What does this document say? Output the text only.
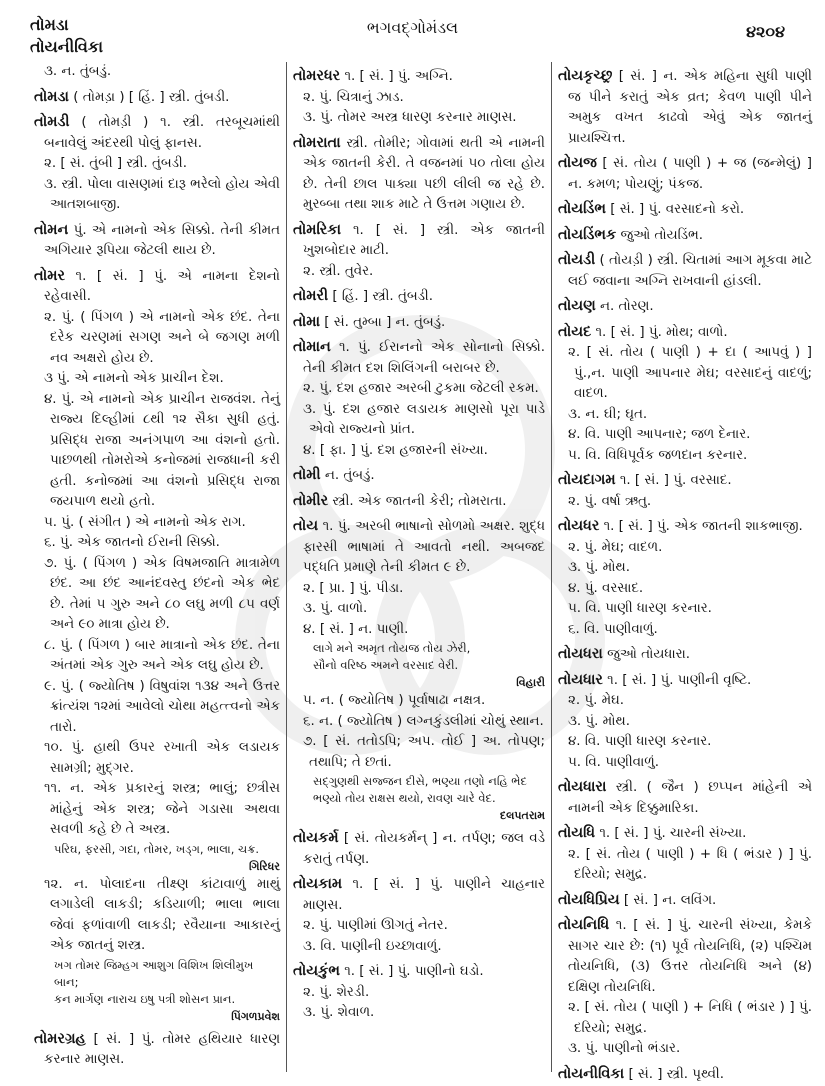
તોમડા
તોયનીવિકા
ભગવદ્ગોમંડલ	૪૨૦૪
૩. ન. તુંબડું.
તોમડા ( તોમડ઼ા ) [ હિં. ] સ્ત્રી. તુંબડી.
તોમડી ( તોમડ઼ી ) ૧. સ્ત્રી. તરબૂચમાંથી બનાવેલું અંદરથી પોલું ફાનસ.
૨. [ સં. તુંબી ] સ્ત્રી. તુંબડી.
૩. સ્ત્રી. પોલા વાસણમાં દારૂ ભરેલો હોય એવી આતશબાજી.
તોમન પું. એ નામનો એક સિક્કો. તેની કીમત અગિયાર રૂપિયા જેટલી થાય છે.
તોમર ૧. [ સં. ] પું. એ નામના દેશનો રહેવાસી.
૨. પું. ( પિંગળ ) એ નામનો એક છંદ. તેના દરેક ચરણમાં સગણ અને બે જગણ મળી નવ અક્ષરો હોય છે.
૩ પું. એ નામનો એક પ્રાચીન દેશ.
૪. પું. એ નામનો એક પ્રાચીન રાજવંશ. તેનું રાજ્ય દિલ્હીમાં ૮થી ૧૨ સૈકા સુધી હતું. પ્રસિદ્ધ રાજા અનંગપાળ આ વંશનો હતો. પાછળથી તોમરોએ કનોજમાં રાજધાની કરી હતી. કનોજમાં આ વંશનો પ્રસિદ્ધ રાજા જયપાળ થયો હતો.
૫. પું. ( સંગીત ) એ નામનો એક રાગ.
૬. પું. એક જાતનો ઈરાની સિક્કો.
૭. પું. ( પિંગળ ) એક વિષમજાતિ માત્રામેળ છંદ. આ છંદ આનંદવસ્તુ છંદનો એક ભેદ છે. તેમાં ૫ ગુરુ અને ૮૦ લઘુ મળી ૮૫ વર્ણ અને ૯૦ માત્રા હોય છે.
૮. પું. ( પિંગળ ) બાર માત્રાનો એક છંદ. તેના અંતમાં એક ગુરુ અને એક લઘુ હોય છે.
૯. પું. ( જ્યોતિષ ) વિષુવાંશ ૧૩૪ અને ઉત્તર ક્રાંત્યંશ ૧૨માં આવેલો ચોથા મહત્ત્વનો એક તારો.
૧૦. પું. હાથી ઉપર રખાતી એક લડાયક સામગ્રી; મુદ્ગર.
૧૧. ન. એક પ્રકારનું શસ્ત્ર; ભાલું; છત્રીસ માંહેનું એક શસ્ત્ર; જેને ગડાસા અથવા સવળી કહે છે તે અસ્ત્ર.
પરિઘ, ફરસી, ગદા, તોમર, ખડ્ગ, ભાલા, ચક્ર.
ગિરિધર
૧૨. ન. પોલાદના તીક્ષ્ણ કાંટાવાળું માથું લગાડેલી લાકડી; કડિયાળી; ભાલા ભાલા જેવાં ફળાંવાળી લાકડી; રવૈયાના આકારનું એક જાતનું શસ્ત્ર.
ખગ તોમર જિમ્હગ આશુગ વિશિખ શિલીમુખ બાન;
કન માર્ગણ નારાચ ઇષુ પત્રી શોસન પ્રાન.
પિંગળપ્રવેશ
તોમરગ્રહ [ સં. ] પું. તોમર હથિયાર ધારણ કરનાર માણસ.
તોમરધર ૧. [ સં. ] પું. અગ્નિ.
૨. પું. ચિત્રાનું ઝાડ.
૩. પું. તોમર અસ્ત્ર ધારણ કરનાર માણસ.
તોમરાતા સ્ત્રી. તોમીર; ગોવામાં થતી એ નામની એક જાતની કેરી. તે વજનમાં ૫૦ તોલા હોય છે. તેની છાલ પાક્યા પછી લીલી જ રહે છે. મુરબ્બા તથા શાક માટે તે ઉત્તમ ગણાય છે.
તોમરિકા ૧. [ સં. ] સ્ત્રી. એક જાતની ખુશબોદાર માટી.
૨. સ્ત્રી. તુવેર.
તોમરી [ હિં. ] સ્ત્રી. તુંબડી.
તોમા [ સં. તુમ્બા ] ન. તુંબડું.
તોમાન ૧. પું. ઈરાનનો એક સોનાનો સિક્કો. તેની કીમત દશ શિલિંગની બરાબર છે.
૨. પું. દશ હજાર અરબી ટુકમા જેટલી રકમ.
૩. પું. દશ હજાર લડાયક માણસો પૂરા પાડે એવો રાજ્યનો પ્રાંત.
૪. [ ફા. ] પું. દશ હજારની સંખ્યા.
તોમી ન. તુંબડું.
તોમીર સ્ત્રી. એક જાતની કેરી; તોમરાતા.
તોય ૧. પું. અરબી ભાષાનો સોળમો અક્ષર. શુદ્ધ ફારસી ભાષામાં તે આવતો નથી. અબજદ પદ્ધતિ પ્રમાણે તેની કીમત ૯ છે.
૨. [ પ્રા. ] પું. પીડા.
૩. પું. વાળો.
૪. [ સં. ] ન. પાણી.
લાગે મને અમૃત તોયજ તોય ઝેરી,
સૌનો વરિષ્ઠ અમને વરસાદ વેરી.
વિહારી
૫. ન. ( જ્યોતિષ ) પૂર્વાષાઢા નક્ષત્ર.
૬. ન. ( જ્યોતિષ ) લગ્નકુંડલીમાં ચોથું સ્થાન.
૭. [ સં. તતોઽપિ; અપ. તોઈ ] અ. તોપણ; તથાપિ; તે છતાં.
સદ્ગુણથી સજ્જન દીસે, ભણ્યા તણો નહિ ભેદ
ભણ્યો તોય રાક્ષસ થયો, રાવણ ચારે વેદ.
દલપતરામ
તોયકર્મ [ સં. તોયકર્મન્ ] ન. તર્પણ; જલ વડે કરાતું તર્પણ.
તોયકામ ૧. [ સં. ] પું. પાણીને ચાહનાર માણસ.
૨. પું. પાણીમાં ઊગતું નેતર.
૩. વિ. પાણીની ઇચ્છાવાળું.
તોયકુંભ ૧. [ સં. ] પું. પાણીનો ઘડો.
૨. પું. શેરડી.
૩. પું. શેવાળ.
તોયકૃચ્છ્ર [ સં. ] ન. એક મહિના સુધી પાણી જ પીને કરાતું એક વ્રત; કેવળ પાણી પીને અમુક વખત કાઢવો એવું એક જાતનું પ્રાયશ્ચિત્ત.
તોયજ [ સં. તોય ( પાણી ) + જ (જન્મેલું) ] ન. કમળ; પોયણું; પંકજ.
તોયડિંભ [ સં. ] પું. વરસાદનો કરો.
તોયડિંભક જુઓ તોયડિંભ.
તોયડી ( તોયડ઼ી ) સ્ત્રી. ચિતામાં આગ મૂકવા માટે લઈ જવાના અગ્નિ રાખવાની હાંડલી.
તોયણ ન. તોરણ.
તોયદ ૧. [ સં. ] પું. મોથ; વાળો.
૨. [ સં. તોય ( પાણી ) + દા ( આપવું ) ] પું.,ન. પાણી આપનાર મેઘ; વરસાદનું વાદળું; વાદળ.
૩. ન. ઘી; ઘૃત.
૪. વિ. પાણી આપનાર; જળ દેનાર.
૫. વિ. વિધિપૂર્વક જળદાન કરનાર.
તોયદાગમ ૧. [ સં. ] પું. વરસાદ.
૨. પું. વર્ષા ઋતુ.
તોયધર ૧. [ સં. ] પું. એક જાતની શાકભાજી.
૨. પું. મેઘ; વાદળ.
૩. પું. મોથ.
૪. પું. વરસાદ.
૫. વિ. પાણી ધારણ કરનાર.
૬. વિ. પાણીવાળું.
તોયધરા જુઓ તોયધારા.
તોયધાર ૧. [ સં. ] પું. પાણીની વૃષ્ટિ.
૨. પું. મેઘ.
૩. પું. મોથ.
૪. વિ. પાણી ધારણ કરનાર.
૫. વિ. પાણીવાળું.
તોયધારા સ્ત્રી. ( જૈન ) છપ્પન માંહેની એ નામની એક દિક્કુમારિકા.
તોયધિ ૧. [ સં. ] પું. ચારની સંખ્યા.
૨. [ સં. તોય ( પાણી ) + ધિ ( ભંડાર ) ] પું. દરિયો; સમુદ્ર.
તોયધિપ્રિય [ સં. ] ન. લવિંગ.
તોયનિધિ ૧. [ સં. ] પું. ચારની સંખ્યા, કેમકે સાગર ચાર છે: (૧) પૂર્વ તોયનિધિ, (૨) પશ્ચિમ તોયનિધિ, (૩) ઉત્તર તોયનિધિ અને (૪) દક્ષિણ તોયનિધિ.
૨. [ સં. તોય ( પાણી ) + નિધિ ( ભંડાર ) ] પું. દરિયો; સમુદ્ર.
૩. પું. પાણીનો ભંડાર.
તોયનીવિકા [ સં. ] સ્ત્રી. પૃથ્વી.
